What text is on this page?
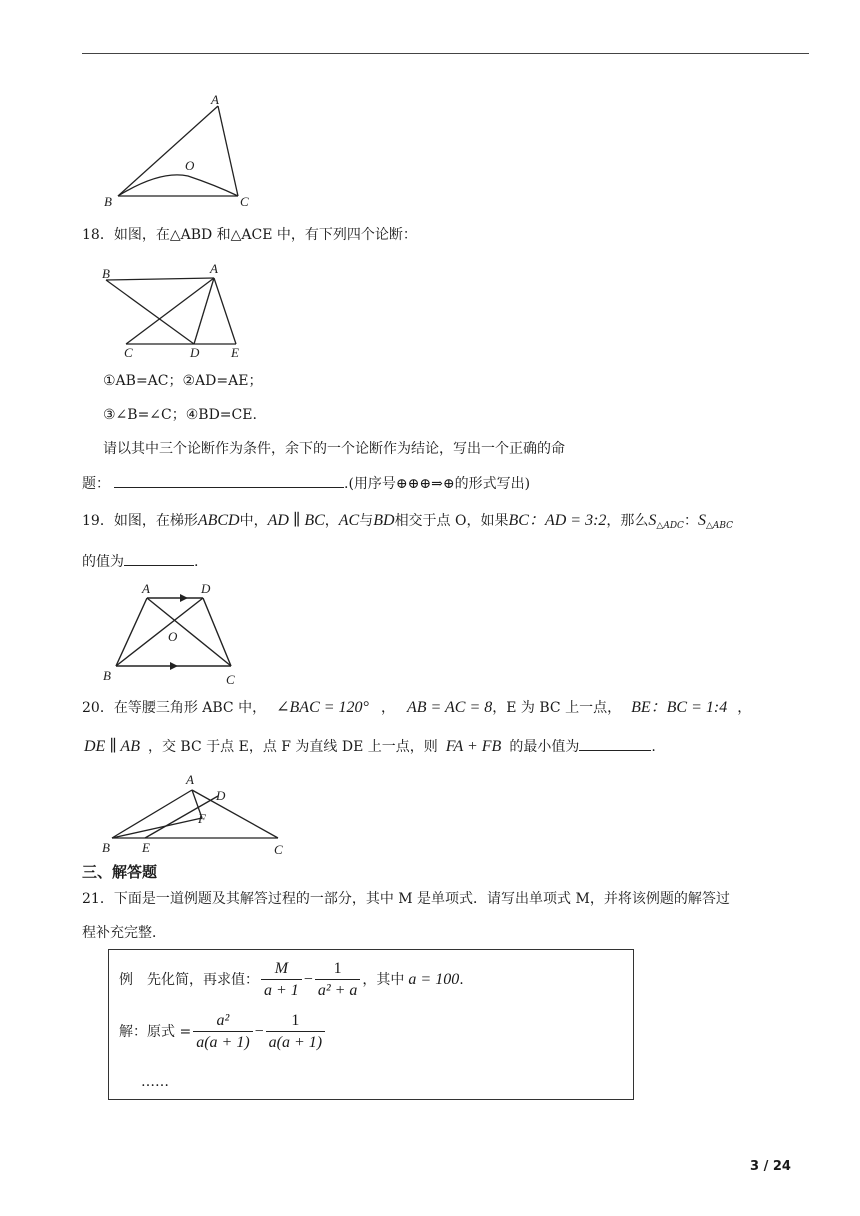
A
B	C
O
18．如图，在△ABD 和△ACE 中，有下列四个论断：
B	A
C	D E
①AB=AC；②AD=AE；
③∠B=∠C；④BD=CE.
请以其中三个论断作为条件，余下的一个论断作为结论，写出一个正确的命
题：	.(用序号⊕⊕⊕⇒⊕的形式写出)
19．如图，在梯形ABCD中，AD ∥ BC，AC与BD相交于点 O，如果BC：AD = 3:2，那么$S_{\triangle ADC}$：$S_{\triangle ABC}$
的值为	.
A	D
B	C
O
20．在等腰三角形 ABC 中， ∠BAC = 120° ， AB = AC = 8，E 为 BC 上一点， BE：BC = 1:4 ，
DE ∥ AB ，交 BC 于点 E，点 F 为直线 DE 上一点，则 FA + FB 的最小值为	.
A
D
F
B E	C
三、解答题
21．下面是一道例题及其解答过程的一部分，其中 M 是单项式．请写出单项式 M，并将该例题的解答过
程补充完整．
例　先化简，再求值： $\frac{M}{a + 1} - \frac{1}{\text{a² + a}}$ ，其中 a = 100 .
解：原式 = $\frac{\text{a²}}{a(a + 1)} - \frac{1}{a(a + 1)}$
……
3 / 24
